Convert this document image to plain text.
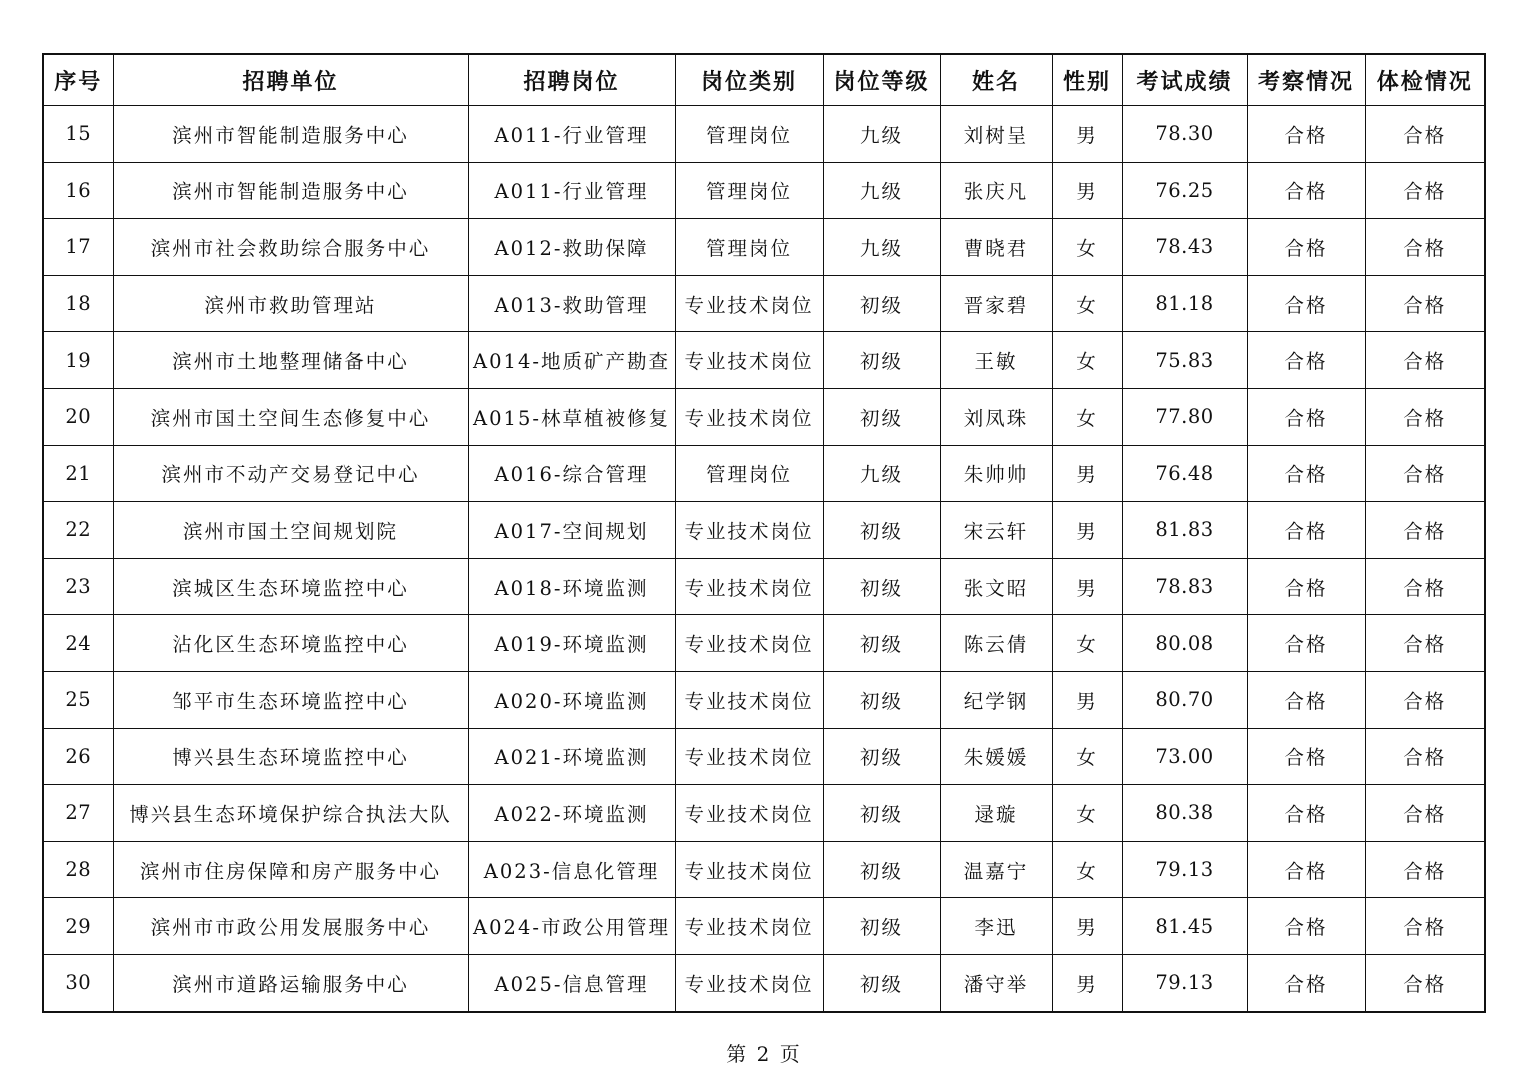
序号	招聘单位	招聘岗位	岗位类别	岗位等级	姓名	性别	考试成绩	考察情况	体检情况
15	滨州市智能制造服务中心	A011-行业管理	管理岗位	九级	刘树呈	男	78.30	合格	合格
16	滨州市智能制造服务中心	A011-行业管理	管理岗位	九级	张庆凡	男	76.25	合格	合格
17	滨州市社会救助综合服务中心	A012-救助保障	管理岗位	九级	曹晓君	女	78.43	合格	合格
18	滨州市救助管理站	A013-救助管理	专业技术岗位	初级	晋家碧	女	81.18	合格	合格
19	滨州市土地整理储备中心	A014-地质矿产勘查	专业技术岗位	初级	王敏	女	75.83	合格	合格
20	滨州市国土空间生态修复中心	A015-林草植被修复	专业技术岗位	初级	刘凤珠	女	77.80	合格	合格
21	滨州市不动产交易登记中心	A016-综合管理	管理岗位	九级	朱帅帅	男	76.48	合格	合格
22	滨州市国土空间规划院	A017-空间规划	专业技术岗位	初级	宋云轩	男	81.83	合格	合格
23	滨城区生态环境监控中心	A018-环境监测	专业技术岗位	初级	张文昭	男	78.83	合格	合格
24	沾化区生态环境监控中心	A019-环境监测	专业技术岗位	初级	陈云倩	女	80.08	合格	合格
25	邹平市生态环境监控中心	A020-环境监测	专业技术岗位	初级	纪学钢	男	80.70	合格	合格
26	博兴县生态环境监控中心	A021-环境监测	专业技术岗位	初级	朱媛媛	女	73.00	合格	合格
27	博兴县生态环境保护综合执法大队	A022-环境监测	专业技术岗位	初级	逯璇	女	80.38	合格	合格
28	滨州市住房保障和房产服务中心	A023-信息化管理	专业技术岗位	初级	温嘉宁	女	79.13	合格	合格
29	滨州市市政公用发展服务中心	A024-市政公用管理	专业技术岗位	初级	李迅	男	81.45	合格	合格
30	滨州市道路运输服务中心	A025-信息管理	专业技术岗位	初级	潘守举	男	79.13	合格	合格
第 2 页
